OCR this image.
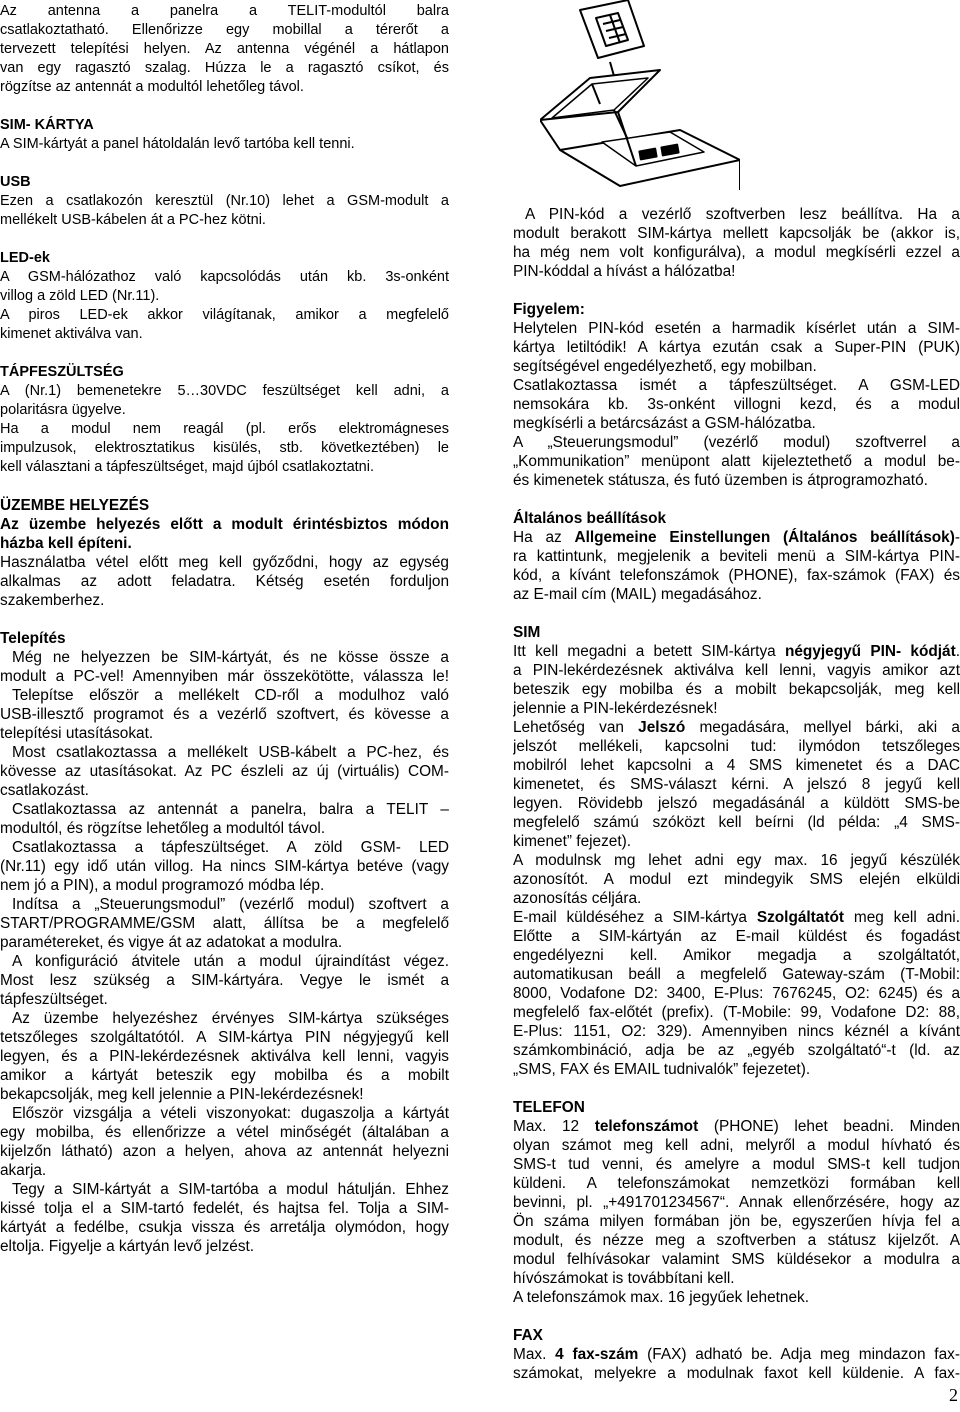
Az antenna a panelra a TELIT-modultól balra
csatlakoztatható. Ellenőrizze egy mobillal a térerőt a
tervezett telepítési helyen. Az antenna végénél a hátlapon
van egy ragasztó szalag. Húzza le a ragasztó csíkot, és
rögzítse az antennát a modultól lehetőleg távol.
SIM- KÁRTYA
A SIM-kártyát a panel hátoldalán levő tartóba kell tenni.
USB
Ezen a csatlakozón keresztül (Nr.10) lehet a GSM-modult a
mellékelt USB-kábelen át a PC-hez kötni.
LED-ek
A GSM-hálózathoz való kapcsolódás után kb. 3s-onként
villog a zöld LED (Nr.11).
A piros LED-ek akkor világítanak, amikor a megfelelő
kimenet aktiválva van.
TÁPFESZÜLTSÉG
A (Nr.1) bemenetekre 5…30VDC feszültséget kell adni, a
polaritásra ügyelve.
Ha a modul nem reagál (pl. erős elektromágneses
impulzusok, elektrosztatikus kisülés, stb. következtében) le
kell választani a tápfeszültséget, majd újból csatlakoztatni.
ÜZEMBE HELYEZÉS
Az üzembe helyezés előtt a modult érintésbiztos módon
házba kell építeni.
Használatba vétel előtt meg kell győződni, hogy az egység
alkalmas az adott feladatra. Kétség esetén forduljon
szakemberhez.
Telepítés
Még ne helyezzen be SIM-kártyát, és ne kösse össze a
modult a PC-vel! Amennyiben már összekötötte, válassza le!
Telepítse először a mellékelt CD-ről a modulhoz való
USB-illesztő programot és a vezérlő szoftvert, és kövesse a
telepítési utasításokat.
Most csatlakoztassa a mellékelt USB-kábelt a PC-hez, és
kövesse az utasításokat. Az PC észleli az új (virtuális) COM-
csatlakozást.
Csatlakoztassa az antennát a panelra, balra a TELIT –
modultól, és rögzítse lehetőleg a modultól távol.
Csatlakoztassa a tápfeszültséget. A zöld GSM- LED
(Nr.11) egy idő után villog. Ha nincs SIM-kártya betéve (vagy
nem jó a PIN), a modul programozó módba lép.
Indítsa a „Steuerungsmodul” (vezérlő modul) szoftvert a
START/PROGRAMME/GSM alatt, állítsa be a megfelelő
paramétereket, és vigye át az adatokat a modulra.
A konfiguráció átvitele után a modul újraindítást végez.
Most lesz szükség a SIM-kártyára. Vegye le ismét a
tápfeszültséget.
Az üzembe helyezéshez érvényes SIM-kártya szükséges
tetszőleges szolgáltatótól. A SIM-kártya PIN négyjegyű kell
legyen, és a PIN-lekérdezésnek aktiválva kell lenni, vagyis
amikor a kártyát beteszik egy mobilba és a mobilt
bekapcsolják, meg kell jelennie a PIN-lekérdezésnek!
Először vizsgálja a vételi viszonyokat: dugaszolja a kártyát
egy mobilba, és ellenőrizze a vétel minőségét (általában a
kijelzőn látható) azon a helyen, ahova az antennát helyezni
akarja.
Tegy a SIM-kártyát a SIM-tartóba a modul hátulján. Ehhez
kissé tolja el a SIM-tartó fedelét, és hajtsa fel. Tolja a SIM-
kártyát a fedélbe, csukja vissza és arretálja olymódon, hogy
eltolja. Figyelje a kártyán levő jelzést.
A PIN-kód a vezérlő szoftverben lesz beállítva. Ha a
modult berakott SIM-kártya mellett kapcsolják be (akkor is,
ha még nem volt konfigurálva), a modul megkísérli ezzel a
PIN-kóddal a hívást a hálózatba!
Figyelem:
Helytelen PIN-kód esetén a harmadik kísérlet után a SIM-
kártya letiltódik! A kártya ezután csak a Super-PIN (PUK)
segítségével engedélyezhető, egy mobilban.
Csatlakoztassa ismét a tápfeszültséget. A GSM-LED
nemsokára kb. 3s-onként villogni kezd, és a modul
megkísérli a betárcsázást a GSM-hálózatba.
A „Steuerungsmodul” (vezérlő modul) szoftverrel a
„Kommunikation” menüpont alatt kijeleztethető a modul be-
és kimenetek státusza, és futó üzemben is átprogramozható.
Általános beállítások
Ha az Allgemeine Einstellungen (Általános beállítások)-
ra kattintunk, megjelenik a beviteli menü a SIM-kártya PIN-
kód, a kívánt telefonszámok (PHONE), fax-számok (FAX) és
az E-mail cím (MAIL) megadásához.
SIM
Itt kell megadni a betett SIM-kártya négyjegyű PIN- kódját.
a PIN-lekérdezésnek aktiválva kell lenni, vagyis amikor azt
beteszik egy mobilba és a mobilt bekapcsolják, meg kell
jelennie a PIN-lekérdezésnek!
Lehetőség van Jelszó megadására, mellyel bárki, aki a
jelszót mellékeli, kapcsolni tud: ilymódon tetszőleges
mobilról lehet kapcsolni a 4 SMS kimenetet és a DAC
kimenetet, és SMS-választ kérni. A jelszó 8 jegyű kell
legyen. Rövidebb jelszó megadásánál a küldött SMS-be
megfelelő számú szóközt kell beírni (ld példa: „4 SMS-
kimenet” fejezet).
A modulnsk mg lehet adni egy max. 16 jegyű készülék
azonosítót. A modul ezt mindegyik SMS elején elküldi
azonosítás céljára.
E-mail küldéséhez a SIM-kártya Szolgáltatót meg kell adni.
Előtte a SIM-kártyán az E-mail küldést és fogadást
engedélyezni kell. Amikor megadja a szolgáltatót,
automatikusan beáll a megfelelő Gateway-szám (T-Mobil:
8000, Vodafone D2: 3400, E-Plus: 7676245, O2: 6245) és a
megfelelő fax-előtét (prefix). (T-Mobile: 99, Vodafone D2: 88,
E-Plus: 1151, O2: 329). Amennyiben nincs kéznél a kívánt
számkombináció, adja be az „egyéb szolgáltató“-t (ld. az
„SMS, FAX és EMAIL tudnivalók” fejezetet).
TELEFON
Max. 12 telefonszámot (PHONE) lehet beadni. Minden
olyan számot meg kell adni, melyről a modul hívható és
SMS-t tud venni, és amelyre a modul SMS-t kell tudjon
küldeni. A telefonszámokat nemzetközi formában kell
bevinni, pl. „+491701234567“. Annak ellenőrzésére, hogy az
Ön száma milyen formában jön be, egyszerűen hívja fel a
modult, és nézze meg a szoftverben a státusz kijelzőt. A
modul felhívásokar valamint SMS küldésekor a modulra a
hívószámokat is továbbítani kell.
A telefonszámok max. 16 jegyűek lehetnek.
FAX
Max. 4 fax-szám (FAX) adható be. Adja meg mindazon fax-
számokat, melyekre a modulnak faxot kell küldenie. A fax-
2
